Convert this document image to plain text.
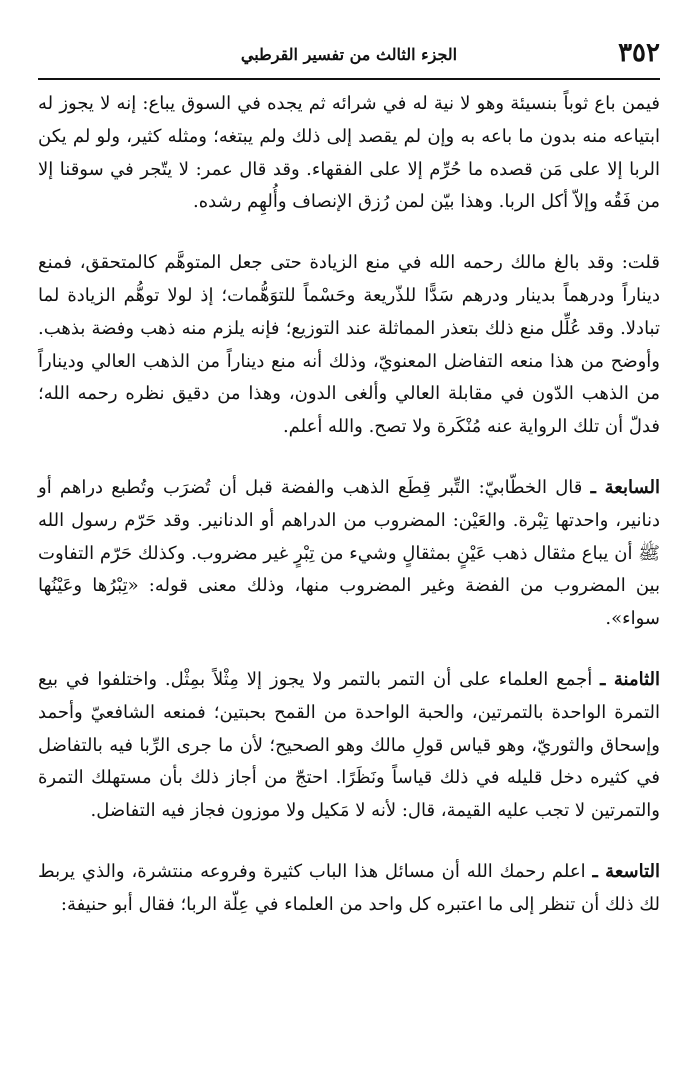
٣٥٢
الجزء الثالث من تفسير القرطبي

فيمن باع ثوباً بنسيئة وهو لا نية له في شرائه ثم يجده في السوق يباع: إنه لا يجوز له ابتياعه منه بدون ما باعه به وإن لم يقصد إلى ذلك ولم يبتغه؛ ومثله كثير، ولو لم يكن الربا إلا على مَن قصده ما حُرِّم إلا على الفقهاء. وقد قال عمر: لا يتّجر في سوقنا إلا من فَقُه وإلاّ أكل الربا. وهذا بيّن لمن رُزق الإنصاف وأُلهِم رشده.

قلت: وقد بالغ مالك رحمه الله في منع الزيادة حتى جعل المتوهَّم كالمتحقق، فمنع ديناراً ودرهماً بدينار ودرهم سَدًّا للذّريعة وحَسْماً للتوَهُّمات؛ إذ لولا توهُّم الزيادة لما تبادلا. وقد عُلِّل منع ذلك بتعذر المماثلة عند التوزيع؛ فإنه يلزم منه ذهب وفضة بذهب. وأوضح من هذا منعه التفاضل المعنويّ، وذلك أنه منع ديناراً من الذهب العالي وديناراً من الذهب الدّون في مقابلة العالي وألغى الدون، وهذا من دقيق نظره رحمه الله؛ فدلّ أن تلك الرواية عنه مُنْكَرة ولا تصح. والله أعلم.

السابعة ـ قال الخطّابيّ: التِّبر قِطَع الذهب والفضة قبل أن تُضرَب وتُطبع دراهم أو دنانير، واحدتها تِبْرة. والعَيْن: المضروب من الدراهم أو الدنانير. وقد حَرّم رسول الله ﷺ أن يباع مثقال ذهب عَيْنٍ بمثقالٍ وشيء من تِبْرٍ غير مضروب. وكذلك حَرّم التفاوت بين المضروب من الفضة وغير المضروب منها، وذلك معنى قوله: «تِبْرُها وعَيْنُها سواء».

الثامنة ـ أجمع العلماء على أن التمر بالتمر ولا يجوز إلا مِثْلاً بمِثْل. واختلفوا في بيع التمرة الواحدة بالتمرتين، والحبة الواحدة من القمح بحبتين؛ فمنعه الشافعيّ وأحمد وإسحاق والثوريّ، وهو قياس قولِ مالك وهو الصحيح؛ لأن ما جرى الرِّبا فيه بالتفاضل في كثيره دخل قليله في ذلك قياساً ونَظَرًا. احتجّ من أجاز ذلك بأن مستهلك التمرة والتمرتين لا تجب عليه القيمة، قال: لأنه لا مَكيل ولا موزون فجاز فيه التفاضل.

التاسعة ـ اعلم رحمك الله أن مسائل هذا الباب كثيرة وفروعه منتشرة، والذي يربط لك ذلك أن تنظر إلى ما اعتبره كل واحد من العلماء في عِلّة الربا؛ فقال أبو حنيفة:
